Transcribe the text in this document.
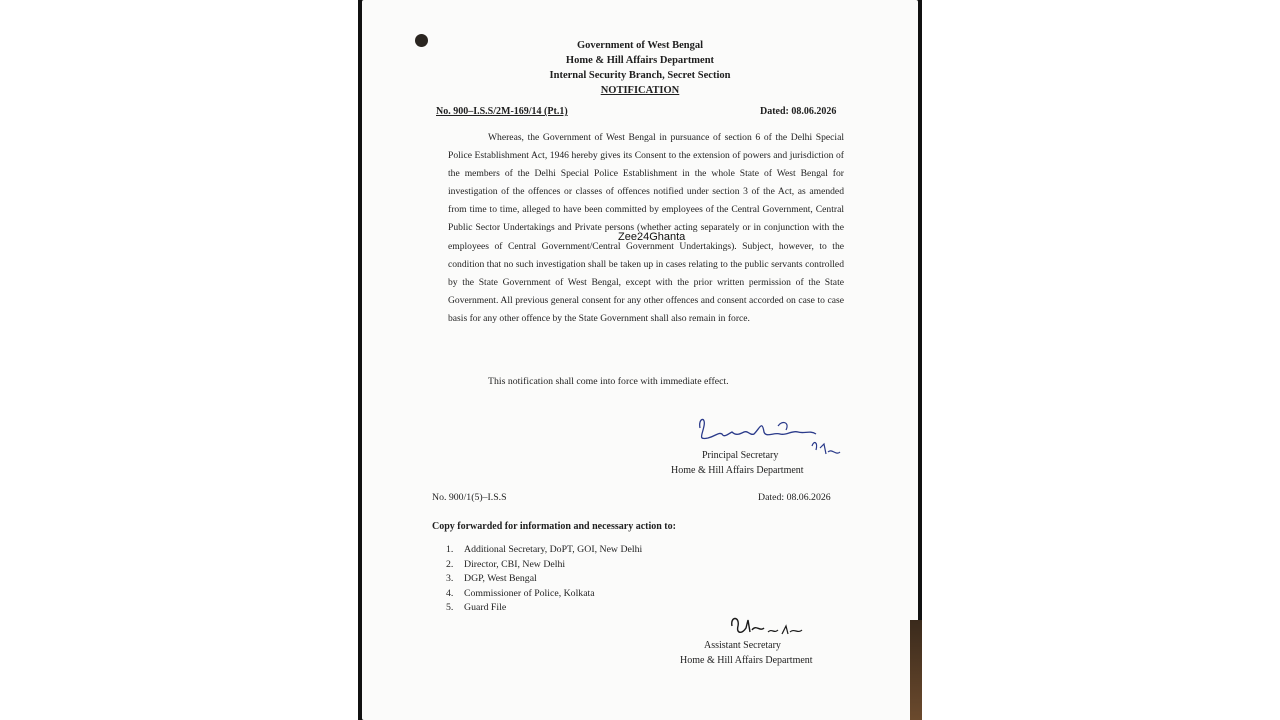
Government of West Bengal
Home & Hill Affairs Department
Internal Security Branch, Secret Section
NOTIFICATION
No. 900–I.S.S/2M-169/14 (Pt.1)	Dated: 08.06.2026
Whereas, the Government of West Bengal in pursuance of section 6 of the Delhi Special Police Establishment Act, 1946 hereby gives its Consent to the extension of powers and jurisdiction of the members of the Delhi Special Police Establishment in the whole State of West Bengal for investigation of the offences or classes of offences notified under section 3 of the Act, as amended from time to time, alleged to have been committed by employees of the Central Government, Central Public Sector Undertakings and Private persons (whether acting separately or in conjunction with the employees of Central Government/Central Government Undertakings). Subject, however, to the condition that no such investigation shall be taken up in cases relating to the public servants controlled by the State Government of West Bengal, except with the prior written permission of the State Government. All previous general consent for any other offences and consent accorded on case to case basis for any other offence by the State Government shall also remain in force.
Zee24Ghanta
This notification shall come into force with immediate effect.
Principal Secretary
Home & Hill Affairs Department
No. 900/1(5)–I.S.S	Dated: 08.06.2026
Copy forwarded for information and necessary action to:
1. Additional Secretary, DoPT, GOI, New Delhi
2. Director, CBI, New Delhi
3. DGP, West Bengal
4. Commissioner of Police, Kolkata
5. Guard File
Assistant Secretary
Home & Hill Affairs Department
